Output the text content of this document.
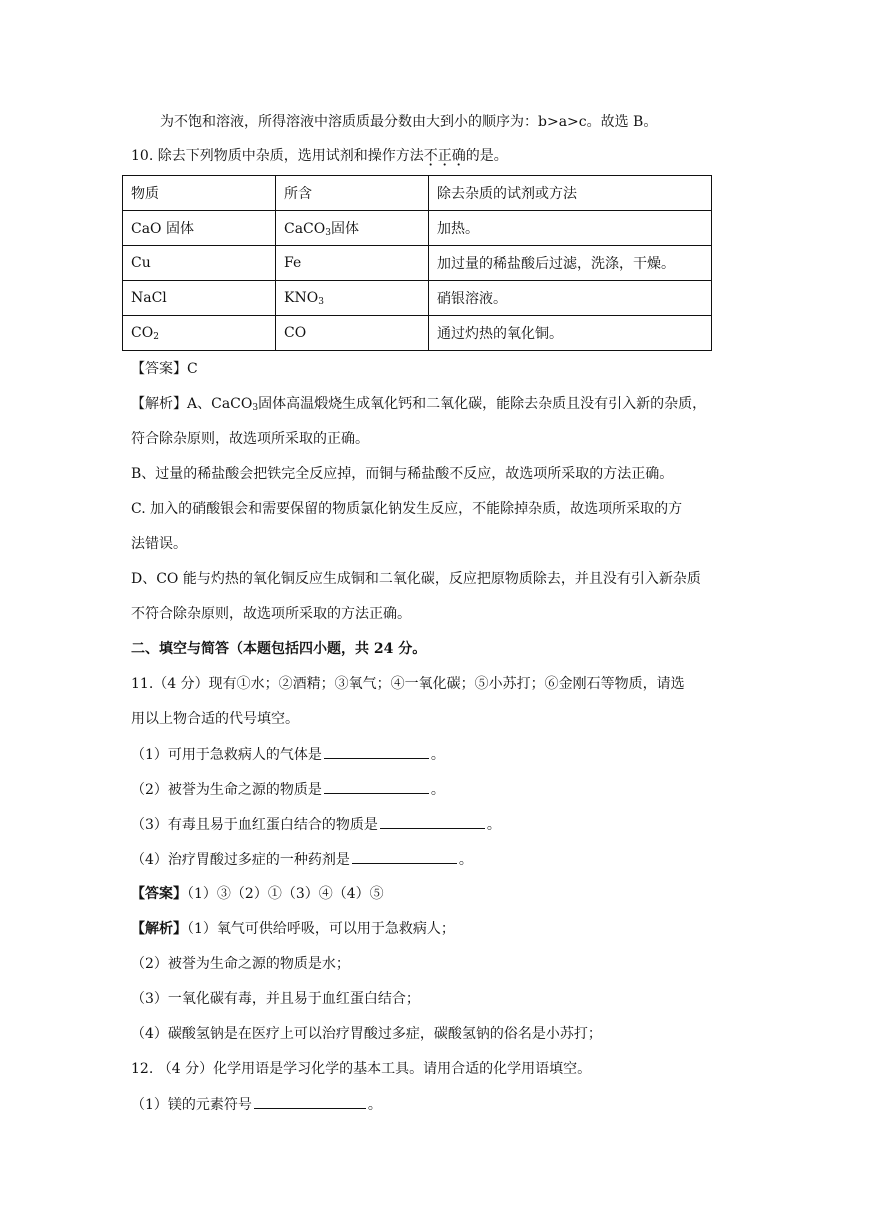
为不饱和溶液，所得溶液中溶质质最分数由大到小的顺序为：b>a>c。故选 B。
10. 除去下列物质中杂质，选用试剂和操作方法不正确的是。
物质	所含	除去杂质的试剂或方法
CaO 固体	CaCO$_3$固体	加热。
Cu	Fe	加过量的稀盐酸后过滤，洗涤，干燥。
NaCl	$KNO_3$	硝银溶液。
$CO_2$	CO	通过灼热的氧化铜。
【答案】C
【解析】A、CaCO$_3$固体高温煅烧生成氧化钙和二氧化碳，能除去杂质且没有引入新的杂质，
符合除杂原则，故选项所采取的正确。
B、过量的稀盐酸会把铁完全反应掉，而铜与稀盐酸不反应，故选项所采取的方法正确。
C. 加入的硝酸银会和需要保留的物质氯化钠发生反应，不能除掉杂质，故选项所采取的方
法错误。
D、CO 能与灼热的氧化铜反应生成铜和二氧化碳，反应把原物质除去，并且没有引入新杂质
不符合除杂原则，故选项所采取的方法正确。
二、填空与简答（本题包括四小题，共 24 分。
11.（4 分）现有①水；②酒精；③氧气；④一氧化碳；⑤小苏打；⑥金刚石等物质，请选
用以上物合适的代号填空。
（1）可用于急救病人的气体是	。
（2）被誉为生命之源的物质是	。
（3）有毒且易于血红蛋白结合的物质是	。
（4）治疗胃酸过多症的一种药剂是	。
【答案】（1）③（2）①（3）④（4）⑤
【解析】（1）氧气可供给呼吸，可以用于急救病人；
（2）被誉为生命之源的物质是水；
（3）一氧化碳有毒，并且易于血红蛋白结合；
（4）碳酸氢钠是在医疗上可以治疗胃酸过多症，碳酸氢钠的俗名是小苏打；
12. （4 分）化学用语是学习化学的基本工具。请用合适的化学用语填空。
（1）镁的元素符号	。
